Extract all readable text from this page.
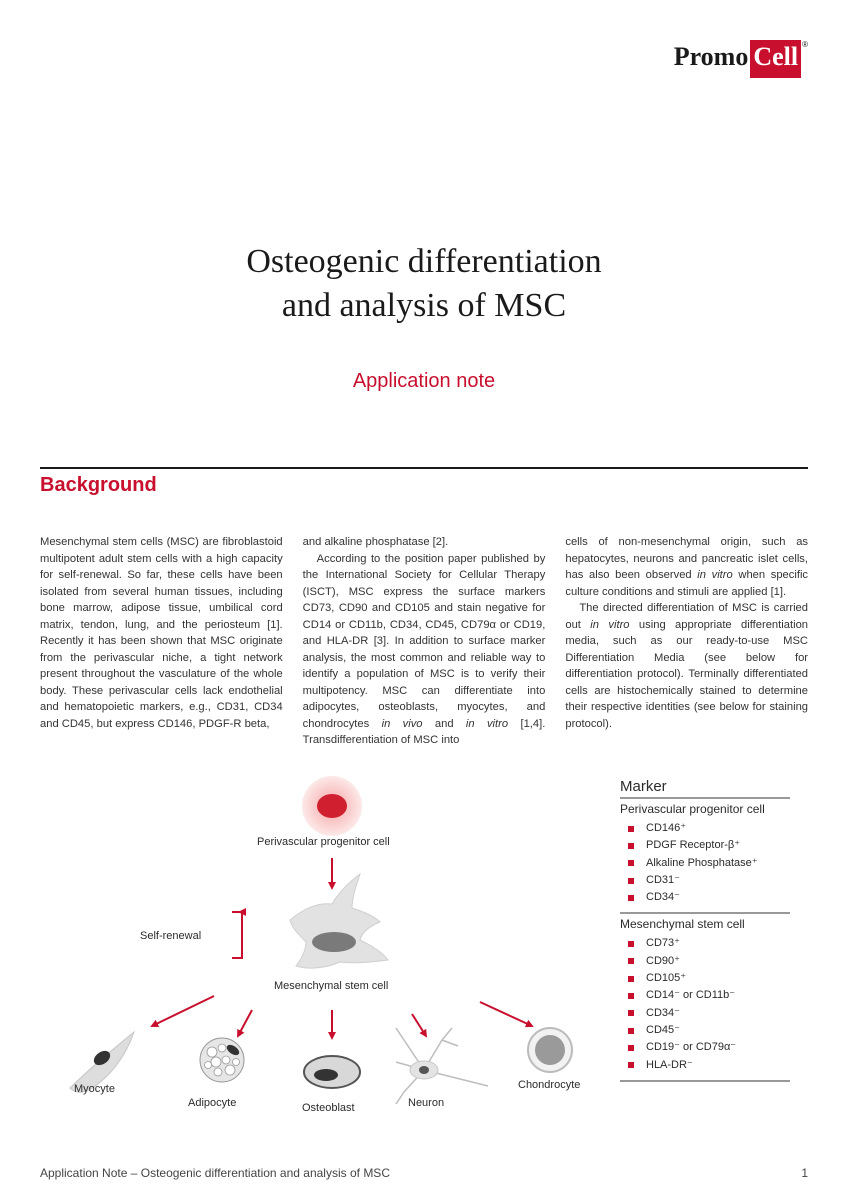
Promo Cell ®
Osteogenic differentiation
and analysis of MSC
Application note
Background

Mesenchymal stem cells (MSC) are fibroblastoid multipotent adult stem cells with a high capacity for self-renewal. So far, these cells have been isolated from several human tissues, including bone marrow, adipose tissue, umbilical cord matrix, tendon, lung, and the periosteum [1]. Recently it has been shown that MSC originate from the perivascular niche, a tight network present throughout the vasculature of the whole body. These perivascular cells lack endothelial and hematopoietic markers, e.g., CD31, CD34 and CD45, but express CD146, PDGF-R beta,

and alkaline phosphatase [2].

According to the position paper published by the International Society for Cellular Therapy (ISCT), MSC express the surface markers CD73, CD90 and CD105 and stain negative for CD14 or CD11b, CD34, CD45, CD79α or CD19, and HLA-DR [3]. In addition to surface marker analysis, the most common and reliable way to identify a population of MSC is to verify their multipotency. MSC can differentiate into adipocytes, osteoblasts, myocytes, and chondrocytes in vivo and in vitro [1,4]. Transdifferentiation of MSC into

cells of non-mesenchymal origin, such as hepatocytes, neurons and pancreatic islet cells, has also been observed in vitro when specific culture conditions and stimuli are applied [1].

The directed differentiation of MSC is carried out in vitro using appropriate differentiation media, such as our ready-to-use MSC Differentiation Media (see below for differentiation protocol). Terminally differentiated cells are histochemically stained to determine their respective identities (see below for staining protocol).

Perivascular progenitor cell
Self-renewal
Mesenchymal stem cell
Myocyte
Adipocyte	Osteoblast	Neuron
Chondrocyte
Marker
Perivascular progenitor cell
CD146⁺
PDGF Receptor-β⁺
Alkaline Phosphatase⁺
CD31⁻
CD34⁻
Mesenchymal stem cell
CD73⁺
CD90⁺
CD105⁺
CD14⁻ or CD11b⁻
CD34⁻
CD45⁻
CD19⁻ or CD79α⁻
HLA-DR⁻
Application Note – Osteogenic differentiation and analysis of MSC	1
